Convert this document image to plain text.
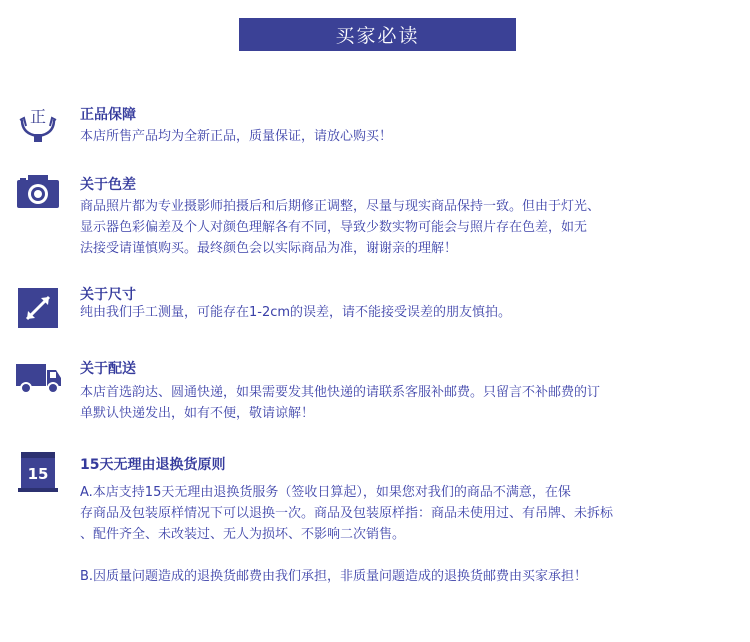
买家必读
正 正品保障
本店所售产品均为全新正品，质量保证，请放心购买！
关于色差
商品照片都为专业摄影师拍摄后和后期修正调整，尽量与现实商品保持一致。但由于灯光、
显示器色彩偏差及个人对颜色理解各有不同，导致少数实物可能会与照片存在色差，如无
法接受请谨慎购买。最终颜色会以实际商品为准，谢谢亲的理解！
关于尺寸
纯由我们手工测量，可能存在1-2cm的误差，请不能接受误差的朋友慎拍。
关于配送
本店首选韵达、圆通快递，如果需要发其他快递的请联系客服补邮费。只留言不补邮费的订
单默认快递发出，如有不便，敬请谅解！
15 15天无理由退换货原则
A.本店支持15天无理由退换货服务（签收日算起），如果您对我们的商品不满意，在保
存商品及包装原样情况下可以退换一次。商品及包装原样指：商品未使用过、有吊牌、未拆标
、配件齐全、未改装过、无人为损坏、不影响二次销售。
B.因质量问题造成的退换货邮费由我们承担，非质量问题造成的退换货邮费由买家承担！
